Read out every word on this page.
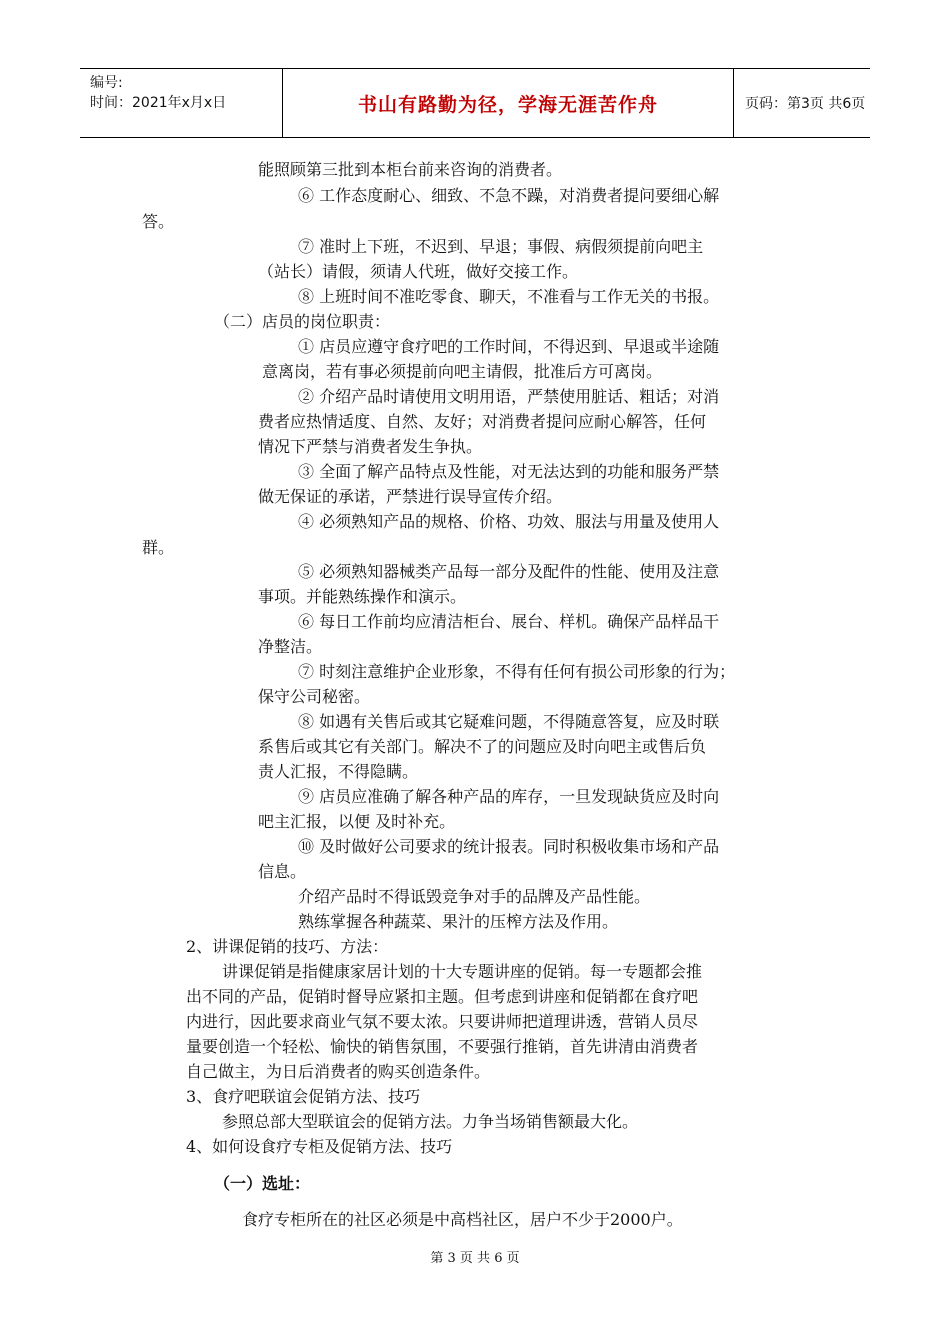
编号:
时间：2021年x月x日	书山有路勤为径，学海无涯苦作舟	页码：第3页 共6页
能照顾第三批到本柜台前来咨询的消费者。
⑥ 工作态度耐心、细致、不急不躁，对消费者提问要细心解
答。
⑦ 准时上下班，不迟到、早退；事假、病假须提前向吧主
（站长）请假，须请人代班，做好交接工作。
⑧ 上班时间不准吃零食、聊天，不准看与工作无关的书报。
（二）店员的岗位职责：
① 店员应遵守食疗吧的工作时间，不得迟到、早退或半途随
意离岗，若有事必须提前向吧主请假，批准后方可离岗。
② 介绍产品时请使用文明用语，严禁使用脏话、粗话；对消
费者应热情适度、自然、友好；对消费者提问应耐心解答，任何
情况下严禁与消费者发生争执。
③ 全面了解产品特点及性能，对无法达到的功能和服务严禁
做无保证的承诺，严禁进行误导宣传介绍。
④ 必须熟知产品的规格、价格、功效、服法与用量及使用人
群。
⑤ 必须熟知器械类产品每一部分及配件的性能、使用及注意
事项。并能熟练操作和演示。
⑥ 每日工作前均应清洁柜台、展台、样机。确保产品样品干
净整洁。
⑦ 时刻注意维护企业形象，不得有任何有损公司形象的行为；
保守公司秘密。
⑧ 如遇有关售后或其它疑难问题，不得随意答复，应及时联
系售后或其它有关部门。解决不了的问题应及时向吧主或售后负
责人汇报，不得隐瞒。
⑨ 店员应准确了解各种产品的库存，一旦发现缺货应及时向
吧主汇报，以便 及时补充。
⑩ 及时做好公司要求的统计报表。同时积极收集市场和产品
信息。
介绍产品时不得诋毁竞争对手的品牌及产品性能。
熟练掌握各种蔬菜、果汁的压榨方法及作用。
2、讲课促销的技巧、方法：
讲课促销是指健康家居计划的十大专题讲座的促销。每一专题都会推
出不同的产品，促销时督导应紧扣主题。但考虑到讲座和促销都在食疗吧
内进行，因此要求商业气氛不要太浓。只要讲师把道理讲透，营销人员尽
量要创造一个轻松、愉快的销售氛围，不要强行推销，首先讲清由消费者
自己做主，为日后消费者的购买创造条件。
3、食疗吧联谊会促销方法、技巧
参照总部大型联谊会的促销方法。力争当场销售额最大化。
4、如何设食疗专柜及促销方法、技巧
（一）选址：
食疗专柜所在的社区必须是中高档社区，居户不少于2000户。
第 3 页 共 6 页
